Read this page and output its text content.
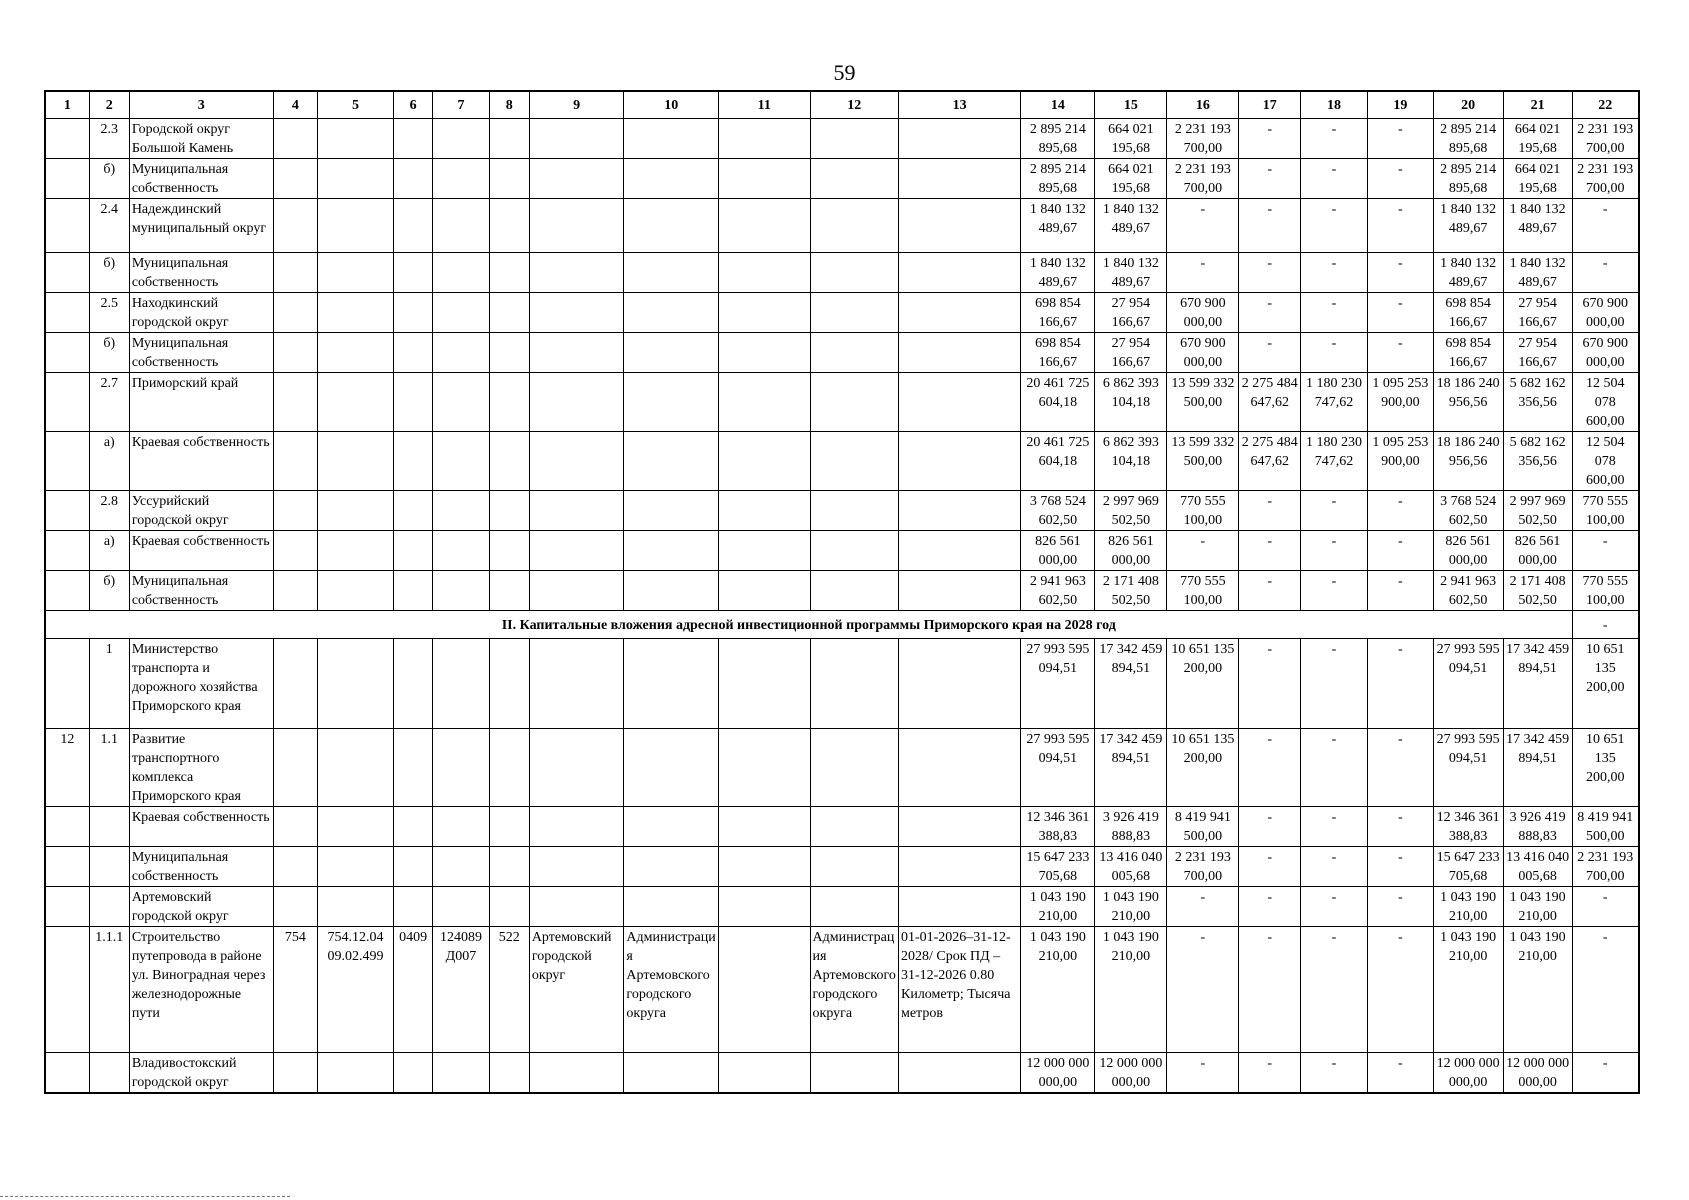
59
1	2	3	4	5	6	7	8	9	10	11	12	13	14	15	16	17	18	19	20	21	22
	2.3	Городской округ Большой Камень											2 895 214 895,68	664 021 195,68	2 231 193 700,00	-	-	-	2 895 214 895,68	664 021 195,68	2 231 193 700,00
	б)	Муниципальная собственность											2 895 214 895,68	664 021 195,68	2 231 193 700,00	-	-	-	2 895 214 895,68	664 021 195,68	2 231 193 700,00
	2.4	Надеждинский муниципальный округ											1 840 132 489,67	1 840 132 489,67	-	-	-	-	1 840 132 489,67	1 840 132 489,67	-
	б)	Муниципальная собственность											1 840 132 489,67	1 840 132 489,67	-	-	-	-	1 840 132 489,67	1 840 132 489,67	-
	2.5	Находкинский городской округ											698 854 166,67	27 954 166,67	670 900 000,00	-	-	-	698 854 166,67	27 954 166,67	670 900 000,00
	б)	Муниципальная собственность											698 854 166,67	27 954 166,67	670 900 000,00	-	-	-	698 854 166,67	27 954 166,67	670 900 000,00
	2.7	Приморский край											20 461 725 604,18	6 862 393 104,18	13 599 332 500,00	2 275 484 647,62	1 180 230 747,62	1 095 253 900,00	18 186 240 956,56	5 682 162 356,56	12 504 078 600,00
	а)	Краевая собственность											20 461 725 604,18	6 862 393 104,18	13 599 332 500,00	2 275 484 647,62	1 180 230 747,62	1 095 253 900,00	18 186 240 956,56	5 682 162 356,56	12 504 078 600,00
	2.8	Уссурийский городской округ											3 768 524 602,50	2 997 969 502,50	770 555 100,00	-	-	-	3 768 524 602,50	2 997 969 502,50	770 555 100,00
	а)	Краевая собственность											826 561 000,00	826 561 000,00	-	-	-	-	826 561 000,00	826 561 000,00	-
	б)	Муниципальная собственность											2 941 963 602,50	2 171 408 502,50	770 555 100,00	-	-	-	2 941 963 602,50	2 171 408 502,50	770 555 100,00
II. Капитальные вложения адресной инвестиционной программы Приморского края на 2028 год																					-
	1	Министерство транспорта и дорожного хозяйства Приморского края											27 993 595 094,51	17 342 459 894,51	10 651 135 200,00	-	-	-	27 993 595 094,51	17 342 459 894,51	10 651 135 200,00
12	1.1	Развитие транспортного комплекса Приморского края											27 993 595 094,51	17 342 459 894,51	10 651 135 200,00	-	-	-	27 993 595 094,51	17 342 459 894,51	10 651 135 200,00
		Краевая собственность											12 346 361 388,83	3 926 419 888,83	8 419 941 500,00	-	-	-	12 346 361 388,83	3 926 419 888,83	8 419 941 500,00
		Муниципальная собственность											15 647 233 705,68	13 416 040 005,68	2 231 193 700,00	-	-	-	15 647 233 705,68	13 416 040 005,68	2 231 193 700,00
		Артемовский городской округ											1 043 190 210,00	1 043 190 210,00	-	-	-	-	1 043 190 210,00	1 043 190 210,00	-
	1.1.1	Строительство путепровода в районе ул. Виноградная через железнодорожные пути	754	754.12.04 09.02.499	0409	124089 Д007	522	Артемовский городской округ	Администрация Артемовского городского округа		Администрация Артемовского городского округа	01-01-2026–31-12-2028/ Срок ПД – 31-12-2026 0.80 Километр; Тысяча метров	1 043 190 210,00	1 043 190 210,00	-	-	-	-	1 043 190 210,00	1 043 190 210,00	-
		Владивостокский городской округ											12 000 000 000,00	12 000 000 000,00	-	-	-	-	12 000 000 000,00	12 000 000 000,00	-
